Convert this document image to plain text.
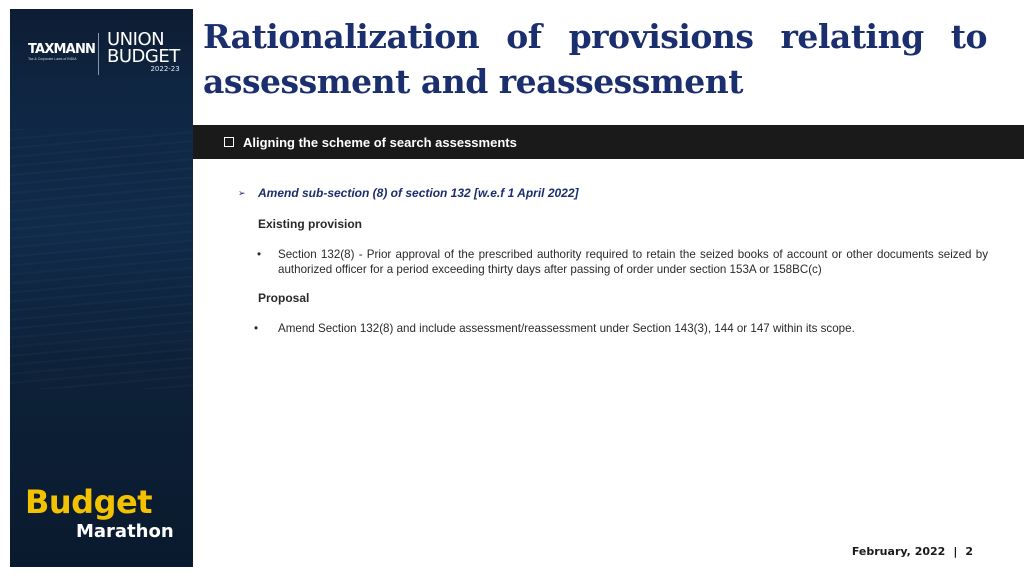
TAXMANN
Tax & Corporate Laws of INDIA
UNION
BUDGET
2022-23
Budget
Marathon
Rationalization of provisions relating to assessment and reassessment
Aligning the scheme of search assessments
➢	Amend sub-section (8) of section 132 [w.e.f 1 April 2022]
Existing provision
•	Section 132(8) - Prior approval of the prescribed authority required to retain the seized books of account or other documents seized by authorized officer for a period exceeding thirty days after passing of order under section 153A or 158BC(c)
Proposal
•	Amend Section 132(8) and include assessment/reassessment under Section 143(3), 144 or 147 within its scope.
February, 2022 | 2
